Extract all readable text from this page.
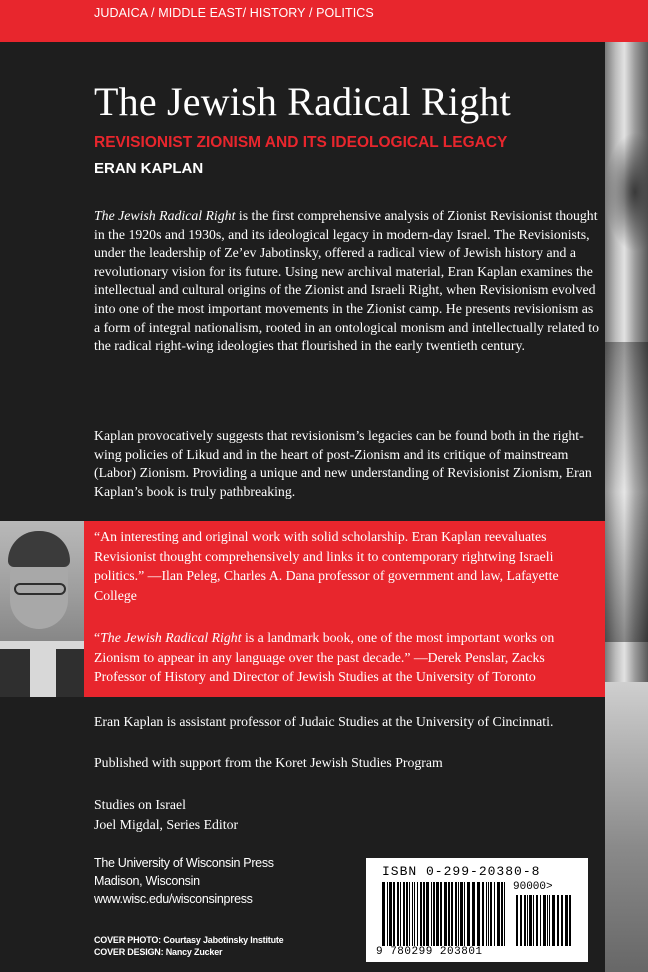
JUDAICA / MIDDLE EAST/ HISTORY / POLITICS
The Jewish Radical Right
REVISIONIST ZIONISM AND ITS IDEOLOGICAL LEGACY
ERAN KAPLAN
The Jewish Radical Right is the first comprehensive analysis of Zionist Revisionist thought in the 1920s and 1930s, and its ideological legacy in modern-day Israel. The Revisionists, under the leadership of Ze’ev Jabotinsky, offered a radical view of Jewish history and a revolutionary vision for its future. Using new archival material, Eran Kaplan examines the intellectual and cultural origins of the Zionist and Israeli Right, when Revisionism evolved into one of the most important movements in the Zionist camp. He presents revisionism as a form of integral nationalism, rooted in an ontological monism and intellectually related to the radical right-wing ideologies that flourished in the early twentieth century.
Kaplan provocatively suggests that revisionism’s legacies can be found both in the right-wing policies of Likud and in the heart of post-Zionism and its critique of mainstream (Labor) Zionism. Providing a unique and new understanding of Revisionist Zionism, Eran Kaplan’s book is truly pathbreaking.
“An interesting and original work with solid scholarship. Eran Kaplan reevaluates Revisionist thought comprehensively and links it to contemporary rightwing Israeli politics.” —Ilan Peleg, Charles A. Dana professor of government and law, Lafayette College
“The Jewish Radical Right is a landmark book, one of the most important works on Zionism to appear in any language over the past decade.” —Derek Penslar, Zacks Professor of History and Director of Jewish Studies at the University of Toronto
Eran Kaplan is assistant professor of Judaic Studies at the University of Cincinnati.
Published with support from the Koret Jewish Studies Program
Studies on Israel
Joel Migdal, Series Editor
The University of Wisconsin Press
Madison, Wisconsin
www.wisc.edu/wisconsinpress
COVER PHOTO: Courtasy Jabotinsky Institute
COVER DESIGN: Nancy Zucker
ISBN 0-299-20380-8
90000>
9 780299 203801
